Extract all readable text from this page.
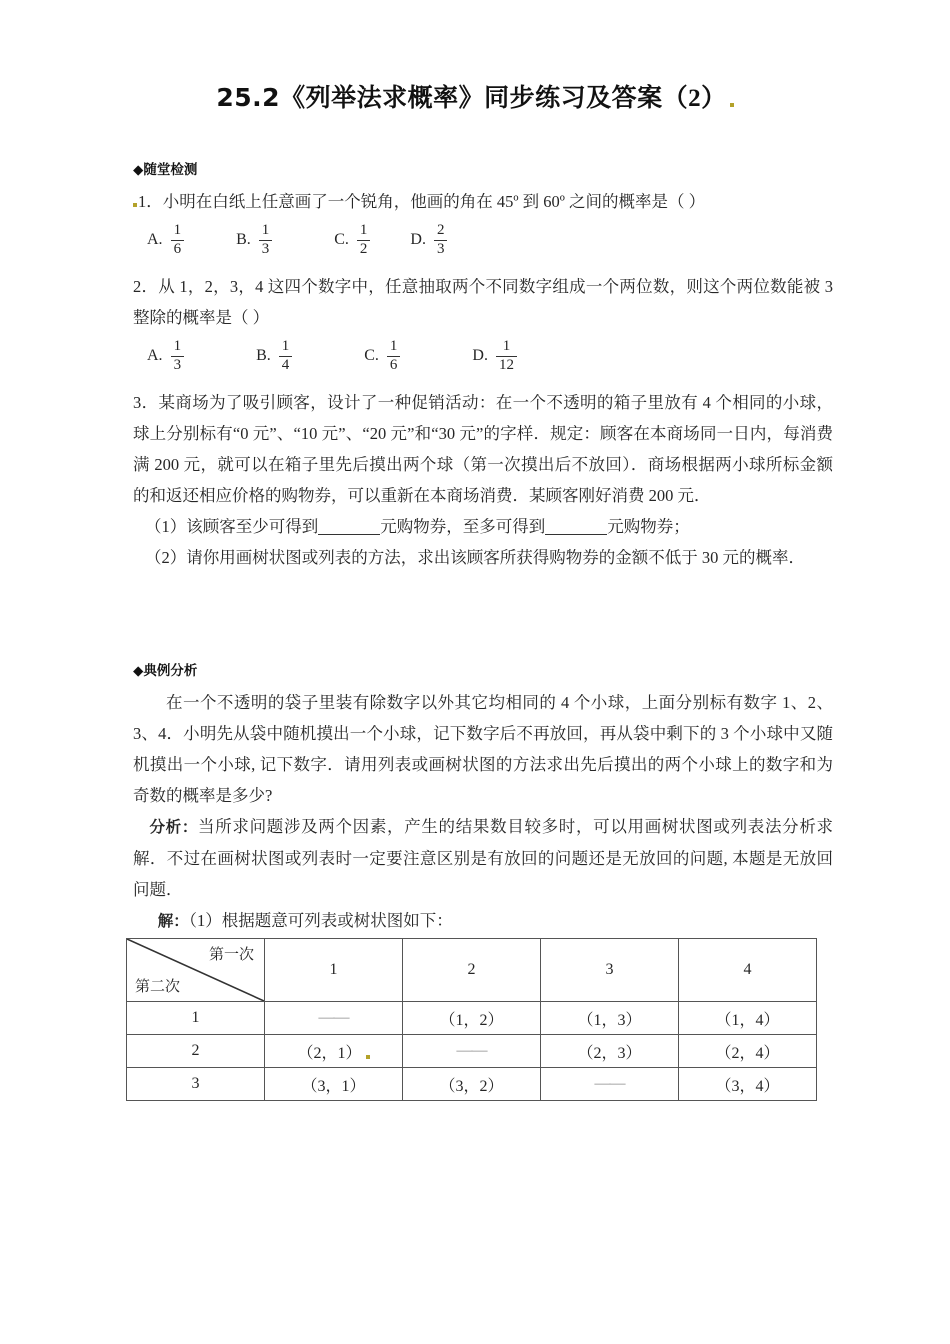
25.2《列举法求概率》同步练习及答案（2）
◆随堂检测

1．小明在白纸上任意画了一个锐角，他画的角在 45º 到 60º 之间的概率是（ ）

A. $\frac{1}{6}$	B. $\frac{1}{3}$	C. $\frac{1}{2}$	D. $\frac{2}{3}$

2．从 1，2，3，4 这四个数字中，任意抽取两个不同数字组成一个两位数，则这个两位数能被 3 整除的概率是（ ）

A. $\frac{1}{3}$	B. $\frac{1}{4}$	C. $\frac{1}{6}$	D. $\frac{1}{12}$

3．某商场为了吸引顾客，设计了一种促销活动：在一个不透明的箱子里放有 4 个相同的小球，球上分别标有“0 元”、“10 元”、“20 元”和“30 元”的字样．规定：顾客在本商场同一日内，每消费满 200 元，就可以在箱子里先后摸出两个球（第一次摸出后不放回）．商场根据两小球所标金额的和返还相应价格的购物券，可以重新在本商场消费．某顾客刚好消费 200 元．

（1）该顾客至少可得到	元购物券，至多可得到	元购物券；

（2）请你用画树状图或列表的方法，求出该顾客所获得购物券的金额不低于 30 元的概率．

◆典例分析

在一个不透明的袋子里装有除数字以外其它均相同的 4 个小球，上面分别标有数字 1、2、3、4．小明先从袋中随机摸出一个小球，记下数字后不再放回，再从袋中剩下的 3 个小球中又随机摸出一个小球, 记下数字．请用列表或画树状图的方法求出先后摸出的两个小球上的数字和为奇数的概率是多少?

分析：当所求问题涉及两个因素，产生的结果数目较多时，可以用画树状图或列表法分析求解．不过在画树状图或列表时一定要注意区别是有放回的问题还是无放回的问题, 本题是无放回问题．

解：（1）根据题意可列表或树状图如下：

第一次
第二次	1	2	3	4
1	——	（1，2）	（1，3）	（1，4）
2	（2，1）	——	（2，3）	（2，4）
3	（3，1）	（3，2）	——	（3，4）
